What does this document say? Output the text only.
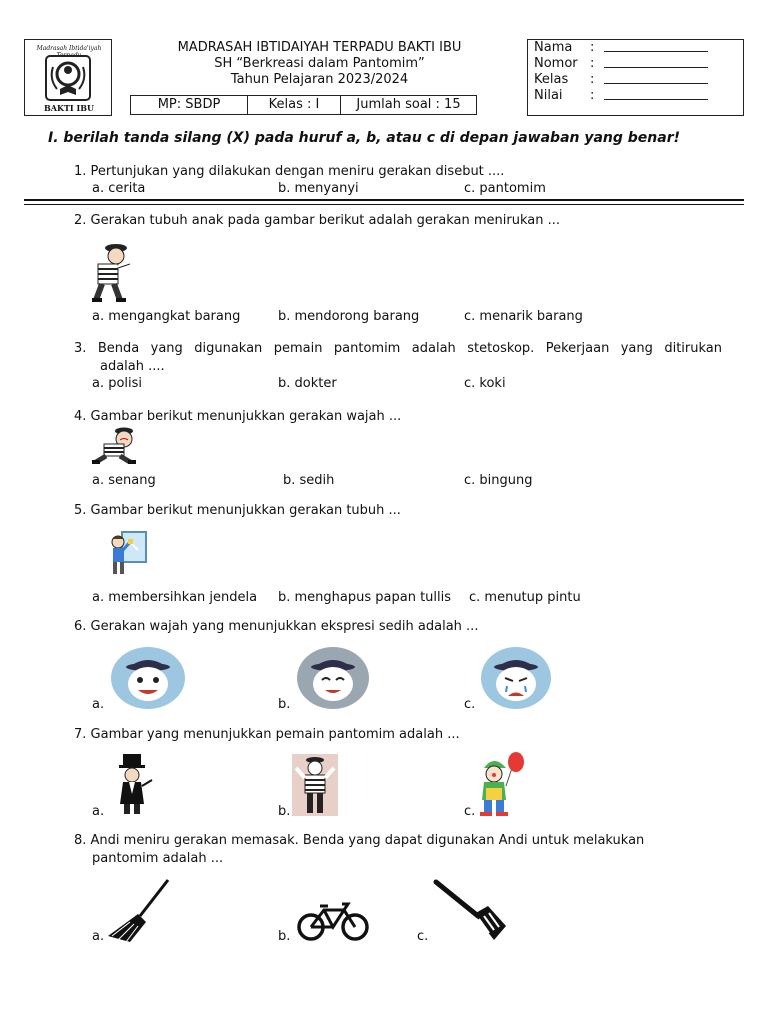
Madrasah Ibtida'iyah
BAKTI IBU
MADRASAH IBTIDAIYAH TERPADU BAKTI IBU
SH “Berkreasi dalam Pantomim”
Tahun Pelajaran 2023/2024
MP: SBDP	Kelas : I	Jumlah soal : 15
Nama	:
Nomor :
Kelas	:
Nilai	:
I. berilah tanda silang (X) pada huruf a, b, atau c di depan jawaban yang benar!
1. Pertunjukan yang dilakukan dengan meniru gerakan disebut ....
a. cerita	b. menyanyi	c. pantomim
2. Gerakan tubuh anak pada gambar berikut adalah gerakan menirukan ...
a. mengangkat barang	b. mendorong barang	c. menarik barang
3. Benda yang digunakan pemain pantomim adalah stetoskop. Pekerjaan yang ditirukan
adalah ....
a. polisi	b. dokter	c. koki
4. Gambar berikut menunjukkan gerakan wajah ...
a. senang	b. sedih	c. bingung
5. Gambar berikut menunjukkan gerakan tubuh ...
a. membersihkan jendela b. menghapus papan tullis c. menutup pintu
6. Gerakan wajah yang menunjukkan ekspresi sedih adalah ...
a.	b.	c.
7. Gambar yang menunjukkan pemain pantomim adalah ...
a.	b.	c.
8. Andi meniru gerakan memasak. Benda yang dapat digunakan Andi untuk melakukan
pantomim adalah ...
a.	b.	c.
